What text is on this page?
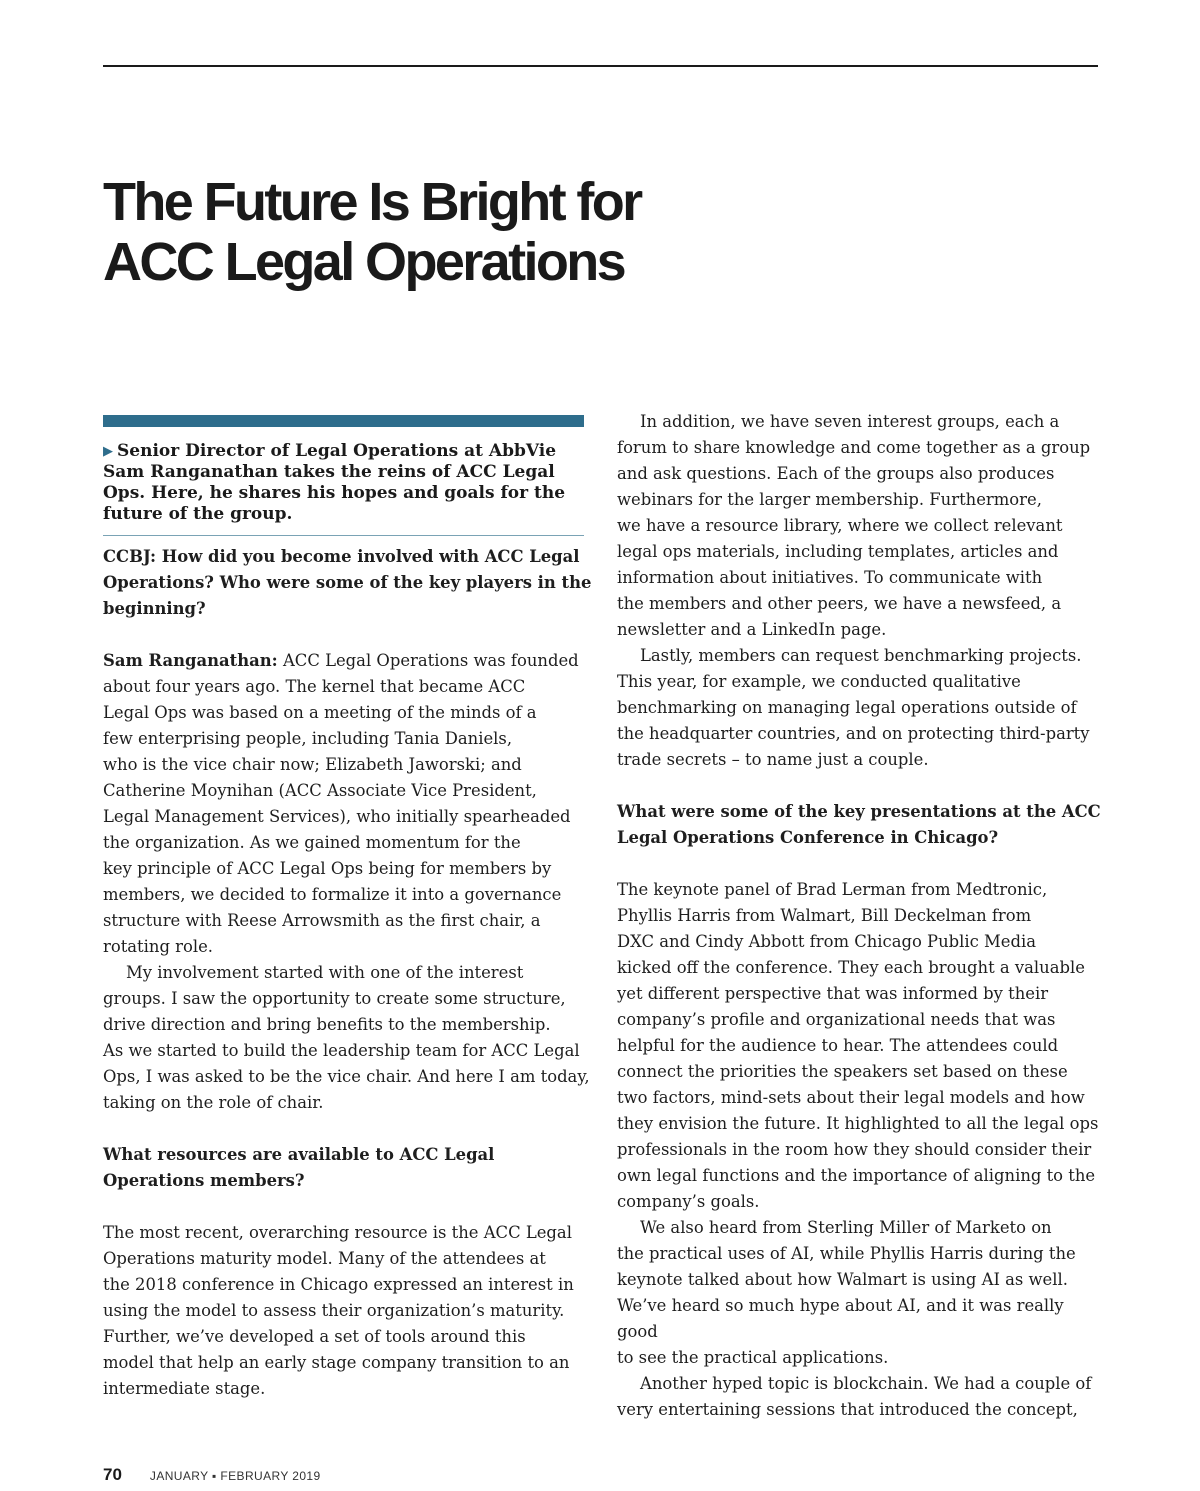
The Future Is Bright for
ACC Legal Operations

▶ Senior Director of Legal Operations at AbbVie Sam Ranganathan takes the reins of ACC Legal Ops. Here, he shares his hopes and goals for the future of the group.

CCBJ: How did you become involved with ACC Legal
Operations? Who were some of the key players in the
beginning?

Sam Ranganathan: ACC Legal Operations was founded
about four years ago. The kernel that became ACC
Legal Ops was based on a meeting of the minds of a
few enterprising people, including Tania Daniels,
who is the vice chair now; Elizabeth Jaworski; and
Catherine Moynihan (ACC Associate Vice President,
Legal Management Services), who initially spearheaded
the organization. As we gained momentum for the
key principle of ACC Legal Ops being for members by
members, we decided to formalize it into a governance
structure with Reese Arrowsmith as the first chair, a
rotating role.

My involvement started with one of the interest
groups. I saw the opportunity to create some structure,
drive direction and bring benefits to the membership.
As we started to build the leadership team for ACC Legal
Ops, I was asked to be the vice chair. And here I am today,
taking on the role of chair.

What resources are available to ACC Legal
Operations members?

The most recent, overarching resource is the ACC Legal
Operations maturity model. Many of the attendees at
the 2018 conference in Chicago expressed an interest in
using the model to assess their organization’s maturity.
Further, we’ve developed a set of tools around this
model that help an early stage company transition to an
intermediate stage.

In addition, we have seven interest groups, each a
forum to share knowledge and come together as a group
and ask questions. Each of the groups also produces
webinars for the larger membership. Furthermore,
we have a resource library, where we collect relevant
legal ops materials, including templates, articles and
information about initiatives. To communicate with
the members and other peers, we have a newsfeed, a
newsletter and a LinkedIn page.

Lastly, members can request benchmarking projects.
This year, for example, we conducted qualitative
benchmarking on managing legal operations outside of
the headquarter countries, and on protecting third-party
trade secrets – to name just a couple.

What were some of the key presentations at the ACC
Legal Operations Conference in Chicago?

The keynote panel of Brad Lerman from Medtronic,
Phyllis Harris from Walmart, Bill Deckelman from
DXC and Cindy Abbott from Chicago Public Media
kicked off the conference. They each brought a valuable
yet different perspective that was informed by their
company’s profile and organizational needs that was
helpful for the audience to hear. The attendees could
connect the priorities the speakers set based on these
two factors, mind-sets about their legal models and how
they envision the future. It highlighted to all the legal ops
professionals in the room how they should consider their
own legal functions and the importance of aligning to the
company’s goals.

We also heard from Sterling Miller of Marketo on
the practical uses of AI, while Phyllis Harris during the
keynote talked about how Walmart is using AI as well.
We’ve heard so much hype about AI, and it was really good
to see the practical applications.

Another hyped topic is blockchain. We had a couple of
very entertaining sessions that introduced the concept,

70 JANUARY ▪ FEBRUARY 2019
